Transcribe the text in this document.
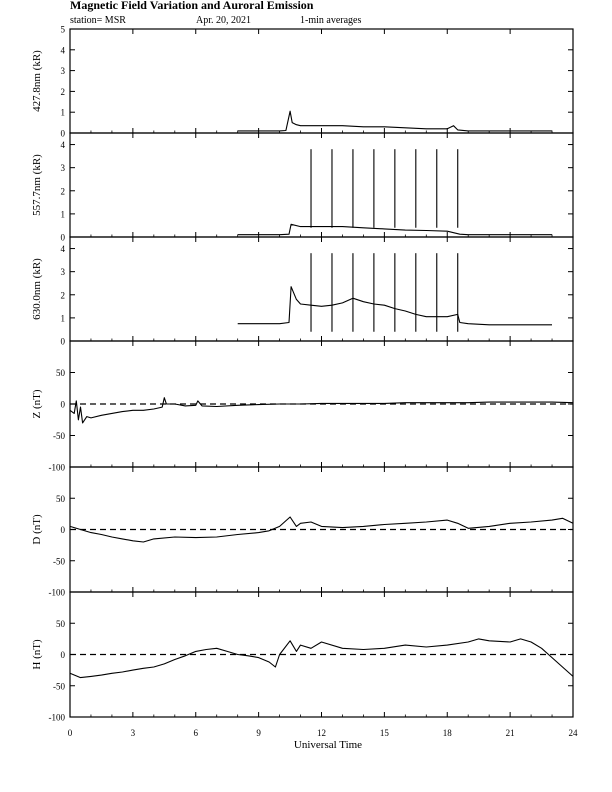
Magnetic Field Variation and Auroral Emission
station= MSR	Apr. 20, 2021	1-min averages
0
1
2
3
4
5
427.8nm (kR)
0
1
2
3
4
557.7nm (kR)
0
1
2
3
4
630.0nm (kR)
-100
-50
0
50
Z (nT)
-100
-50
0
50
D (nT)
-100
-50
0
50
H (nT)
0	3	6	9	12	15	18	21	24
Universal Time
